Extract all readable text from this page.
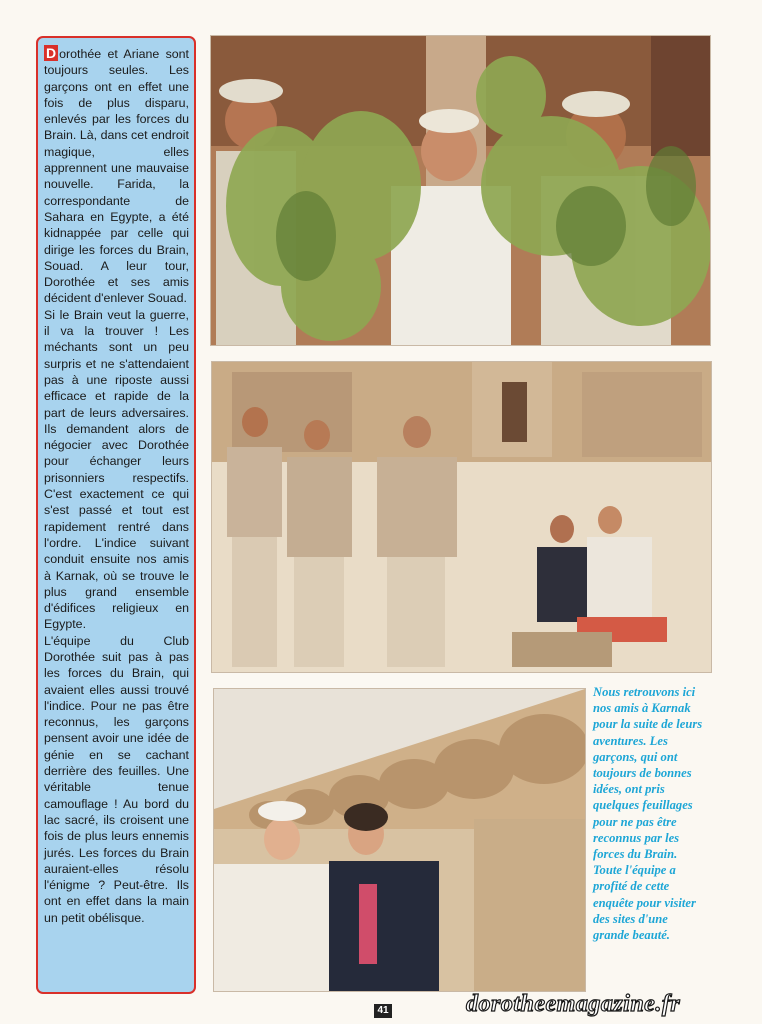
D orothée et Ariane sont toujours seules. Les garçons ont en effet une fois de plus disparu, enlevés par les forces du Brain. Là, dans cet endroit magique, elles apprennent une mauvaise nouvelle. Farida, la correspondante de Sahara en Egypte, a été kidnappée par celle qui dirige les forces du Brain, Souad. A leur tour, Dorothée et ses amis décident d'enlever Souad.
Si le Brain veut la guerre, il va la trouver ! Les méchants sont un peu surpris et ne s'attendaient pas à une riposte aussi efficace et rapide de la part de leurs adversaires. Ils demandent alors de négocier avec Dorothée pour échanger leurs prisonniers respectifs. C'est exactement ce qui s'est passé et tout est rapidement rentré dans l'ordre. L'indice suivant conduit ensuite nos amis à Karnak, où se trouve le plus grand ensemble d'édifices religieux en Egypte.
L'équipe du Club Dorothée suit pas à pas les forces du Brain, qui avaient elles aussi trouvé l'indice. Pour ne pas être reconnus, les garçons pensent avoir une idée de génie en se cachant derrière des feuilles. Une véritable tenue camouflage ! Au bord du lac sacré, ils croisent une fois de plus leurs ennemis jurés. Les forces du Brain auraient-elles résolu l'énigme ? Peut-être. Ils ont en effet dans la main un petit obélisque.

Nous retrouvons ici nos amis à Karnak pour la suite de leurs aventures. Les garçons, qui ont toujours de bonnes idées, ont pris quelques feuillages pour ne pas être reconnus par les forces du Brain. Toute l'équipe a profité de cette enquête pour visiter des sites d'une grande beauté.
41	dorotheemagazine.fr
